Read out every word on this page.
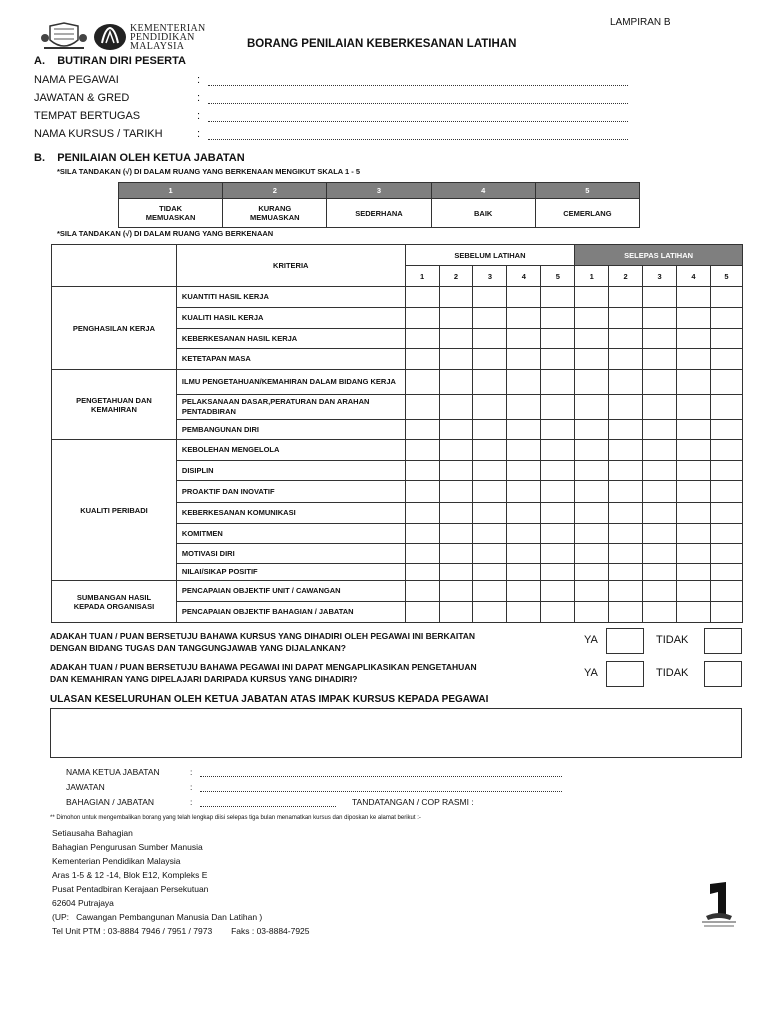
LAMPIRAN B
KEMENTERIAN
PENDIDIKAN
MALAYSIA	BORANG PENILAIAN KEBERKESANAN LATIHAN
A.    BUTIRAN DIRI PESERTA
NAMA PEGAWAI	:
JAWATAN & GRED	:
TEMPAT BERTUGAS	:
NAMA KURSUS / TARIKH	:
B.    PENILAIAN OLEH KETUA JABATAN
*SILA TANDAKAN (√) DI DALAM RUANG YANG BERKENAAN MENGIKUT SKALA 1 - 5
1	2	3	4	5
TIDAK MEMUASKAN	KURANG MEMUASKAN	SEDERHANA	BAIK	CEMERLANG
*SILA TANDAKAN (√) DI DALAM RUANG YANG BERKENAAN
	KRITERIA	SEBELUM LATIHAN					SELEPAS LATIHAN				
		1	2	3	4	5	1	2	3	4	5
PENGHASILAN KERJA	KUANTITI HASIL KERJA										
	KUALITI HASIL KERJA										
	KEBERKESANAN HASIL KERJA										
	KETETAPAN MASA										
PENGETAHUAN DAN KEMAHIRAN	ILMU PENGETAHUAN/KEMAHIRAN DALAM BIDANG KERJA										
	PELAKSANAAN DASAR,PERATURAN DAN ARAHAN PENTADBIRAN										
	PEMBANGUNAN DIRI										
KUALITI PERIBADI	KEBOLEHAN MENGELOLA										
	DISIPLIN										
	PROAKTIF DAN INOVATIF										
	KEBERKESANAN KOMUNIKASI										
	KOMITMEN										
	MOTIVASI DIRI										
	NILAI/SIKAP POSITIF										
SUMBANGAN HASIL KEPADA ORGANISASI	PENCAPAIAN OBJEKTIF UNIT / CAWANGAN										
	PENCAPAIAN OBJEKTIF BAHAGIAN / JABATAN										
ADAKAH TUAN / PUAN BERSETUJU BAHAWA KURSUS YANG DIHADIRI OLEH PEGAWAI INI BERKAITAN
DENGAN BIDANG TUGAS DAN TANGGUNGJAWAB YANG DIJALANKAN?
YA	TIDAK
ADAKAH TUAN / PUAN BERSETUJU BAHAWA PEGAWAI INI DAPAT MENGAPLIKASIKAN PENGETAHUAN
DAN KEMAHIRAN YANG DIPELAJARI DARIPADA KURSUS YANG DIHADIRI?	YA	TIDAK
ULASAN KESELURUHAN OLEH KETUA JABATAN ATAS IMPAK KURSUS KEPADA PEGAWAI
NAMA KETUA JABATAN	:
JAWATAN	:
BAHAGIAN / JABATAN	:	TANDATANGAN / COP RASMI :
** Dimohon untuk mengembalikan borang yang telah lengkap diisi selepas tiga bulan menamatkan kursus dan diposkan ke alamat berikut :-
Setiausaha Bahagian
Bahagian Pengurusan Sumber Manusia
Kementerian Pendidikan Malaysia
Aras 1-5 & 12 -14, Blok E12, Kompleks E
Pusat Pentadbiran Kerajaan Persekutuan
62604 Putrajaya
(UP:   Cawangan Pembangunan Manusia Dan Latihan )
Tel Unit PTM : 03-8884 7946 / 7951 / 7973        Faks : 03-8884-7925
